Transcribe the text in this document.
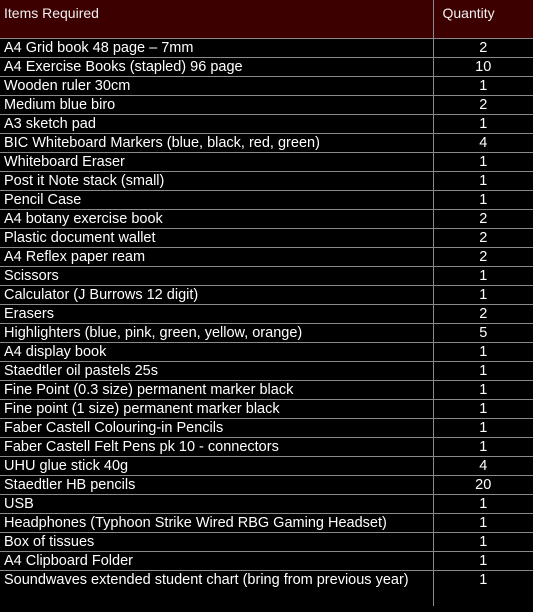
Items Required	Quantity
A4 Grid book 48 page – 7mm	2
A4 Exercise Books (stapled) 96 page	10
Wooden ruler 30cm	1
Medium blue biro	2
A3 sketch pad	1
BIC Whiteboard Markers (blue, black, red, green)	4
Whiteboard Eraser	1
Post it Note stack (small)	1
Pencil Case	1
A4 botany exercise book	2
Plastic document wallet	2
A4 Reflex paper ream	2
Scissors	1
Calculator (J Burrows 12 digit)	1
Erasers	2
Highlighters (blue, pink, green, yellow, orange)	5
A4 display book	1
Staedtler oil pastels 25s	1
Fine Point (0.3 size) permanent marker black	1
Fine point (1 size) permanent marker black	1
Faber Castell Colouring-in Pencils	1
Faber Castell Felt Pens pk 10 - connectors	1
UHU glue stick 40g	4
Staedtler HB pencils	20
USB	1
Headphones (Typhoon Strike Wired RBG Gaming Headset)	1
Box of tissues	1
A4 Clipboard Folder	1
Soundwaves extended student chart (bring from previous year)	1
